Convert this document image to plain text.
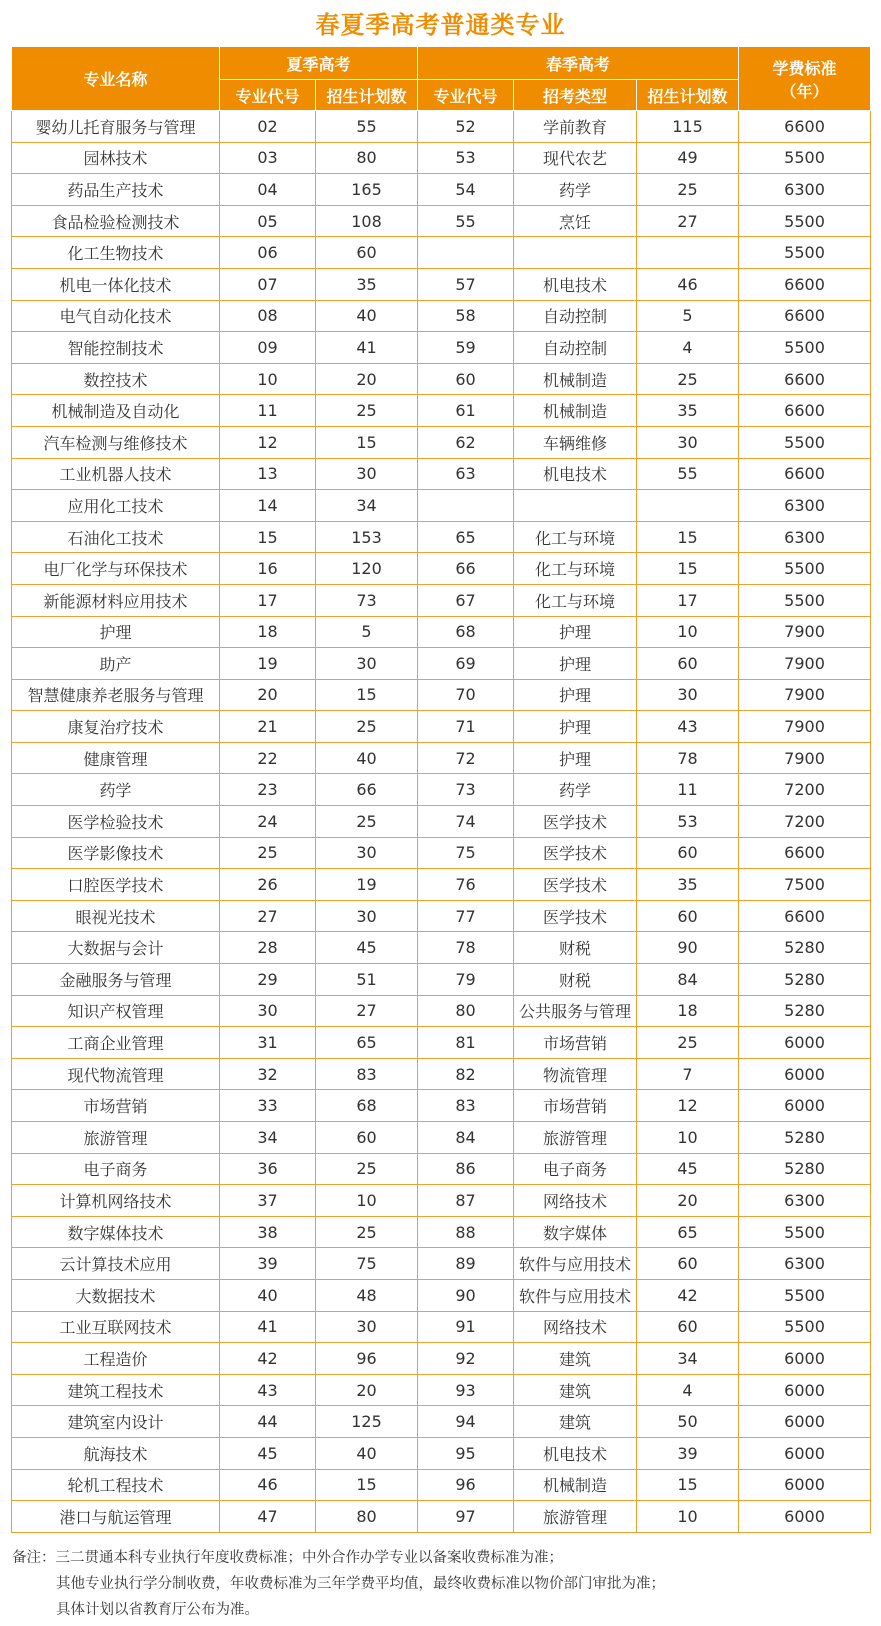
春夏季高考普通类专业
专业名称	夏季高考		春季高考			学费标准
（年）

	专业代号	招生计划数	专业代号	招考类型	招生计划数	
婴幼儿托育服务与管理	02	55	52	学前教育	115	6600
园林技术	03	80	53	现代农艺	49	5500
药品生产技术	04	165	54	药学	25	6300
食品检验检测技术	05	108	55	烹饪	27	5500
化工生物技术	06	60				5500
机电一体化技术	07	35	57	机电技术	46	6600
电气自动化技术	08	40	58	自动控制	5	6600
智能控制技术	09	41	59	自动控制	4	5500
数控技术	10	20	60	机械制造	25	6600
机械制造及自动化	11	25	61	机械制造	35	6600
汽车检测与维修技术	12	15	62	车辆维修	30	5500
工业机器人技术	13	30	63	机电技术	55	6600
应用化工技术	14	34				6300
石油化工技术	15	153	65	化工与环境	15	6300
电厂化学与环保技术	16	120	66	化工与环境	15	5500
新能源材料应用技术	17	73	67	化工与环境	17	5500
护理	18	5	68	护理	10	7900
助产	19	30	69	护理	60	7900
智慧健康养老服务与管理	20	15	70	护理	30	7900
康复治疗技术	21	25	71	护理	43	7900
健康管理	22	40	72	护理	78	7900
药学	23	66	73	药学	11	7200
医学检验技术	24	25	74	医学技术	53	7200
医学影像技术	25	30	75	医学技术	60	6600
口腔医学技术	26	19	76	医学技术	35	7500
眼视光技术	27	30	77	医学技术	60	6600
大数据与会计	28	45	78	财税	90	5280
金融服务与管理	29	51	79	财税	84	5280
知识产权管理	30	27	80	公共服务与管理	18	5280
工商企业管理	31	65	81	市场营销	25	6000
现代物流管理	32	83	82	物流管理	7	6000
市场营销	33	68	83	市场营销	12	6000
旅游管理	34	60	84	旅游管理	10	5280
电子商务	36	25	86	电子商务	45	5280
计算机网络技术	37	10	87	网络技术	20	6300
数字媒体技术	38	25	88	数字媒体	65	5500
云计算技术应用	39	75	89	软件与应用技术	60	6300
大数据技术	40	48	90	软件与应用技术	42	5500
工业互联网技术	41	30	91	网络技术	60	5500
工程造价	42	96	92	建筑	34	6000
建筑工程技术	43	20	93	建筑	4	6000
建筑室内设计	44	125	94	建筑	50	6000
航海技术	45	40	95	机电技术	39	6000
轮机工程技术	46	15	96	机械制造	15	6000
港口与航运管理	47	80	97	旅游管理	10	6000
备注：三二贯通本科专业执行年度收费标准；中外合作办学专业以备案收费标准为准；
其他专业执行学分制收费，年收费标准为三年学费平均值，最终收费标准以物价部门审批为准；
具体计划以省教育厅公布为准。
